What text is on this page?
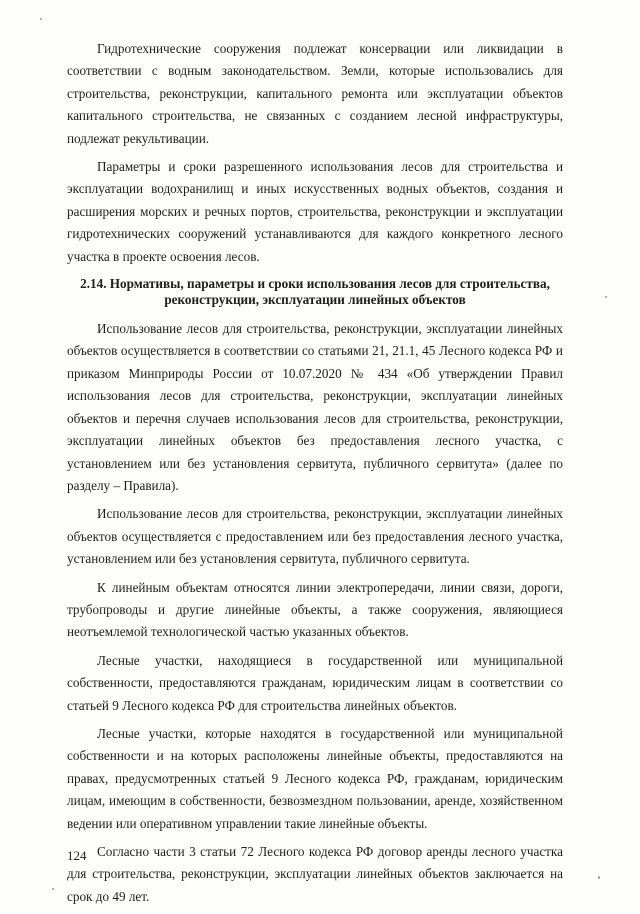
Гидротехнические сооружения подлежат консервации или ликвидации в соответствии с водным законодательством. Земли, которые использовались для строительства, реконструкции, капитального ремонта или эксплуатации объектов капитального строительства, не связанных с созданием лесной инфраструктуры, подлежат рекультивации.

Параметры и сроки разрешенного использования лесов для строительства и эксплуатации водохранилищ и иных искусственных водных объектов, создания и расширения морских и речных портов, строительства, реконструкции и эксплуатации гидротехнических сооружений устанавливаются для каждого конкретного лесного участка в проекте освоения лесов.

2.14. Нормативы, параметры и сроки использования лесов для строительства, реконструкции, эксплуатации линейных объектов

Использование лесов для строительства, реконструкции, эксплуатации линейных объектов осуществляется в соответствии со статьями 21, 21.1, 45 Лесного кодекса РФ и приказом Минприроды России от 10.07.2020 № 434 «Об утверждении Правил использования лесов для строительства, реконструкции, эксплуатации линейных объектов и перечня случаев использования лесов для строительства, реконструкции, эксплуатации линейных объектов без предоставления лесного участка, с установлением или без установления сервитута, публичного сервитута» (далее по разделу – Правила).

Использование лесов для строительства, реконструкции, эксплуатации линейных объектов осуществляется с предоставлением или без предоставления лесного участка, установлением или без установления сервитута, публичного сервитута.

К линейным объектам относятся линии электропередачи, линии связи, дороги, трубопроводы и другие линейные объекты, а также сооружения, являющиеся неотъемлемой технологической частью указанных объектов.

Лесные участки, находящиеся в государственной или муниципальной собственности, предоставляются гражданам, юридическим лицам в соответствии со статьей 9 Лесного кодекса РФ для строительства линейных объектов.

Лесные участки, которые находятся в государственной или муниципальной собственности и на которых расположены линейные объекты, предоставляются на правах, предусмотренных статьей 9 Лесного кодекса РФ, гражданам, юридическим лицам, имеющим в собственности, безвозмездном пользовании, аренде, хозяйственном ведении или оперативном управлении такие линейные объекты.

Согласно части 3 статьи 72 Лесного кодекса РФ договор аренды лесного участка для строительства, реконструкции, эксплуатации линейных объектов заключается на срок до 49 лет.

124
